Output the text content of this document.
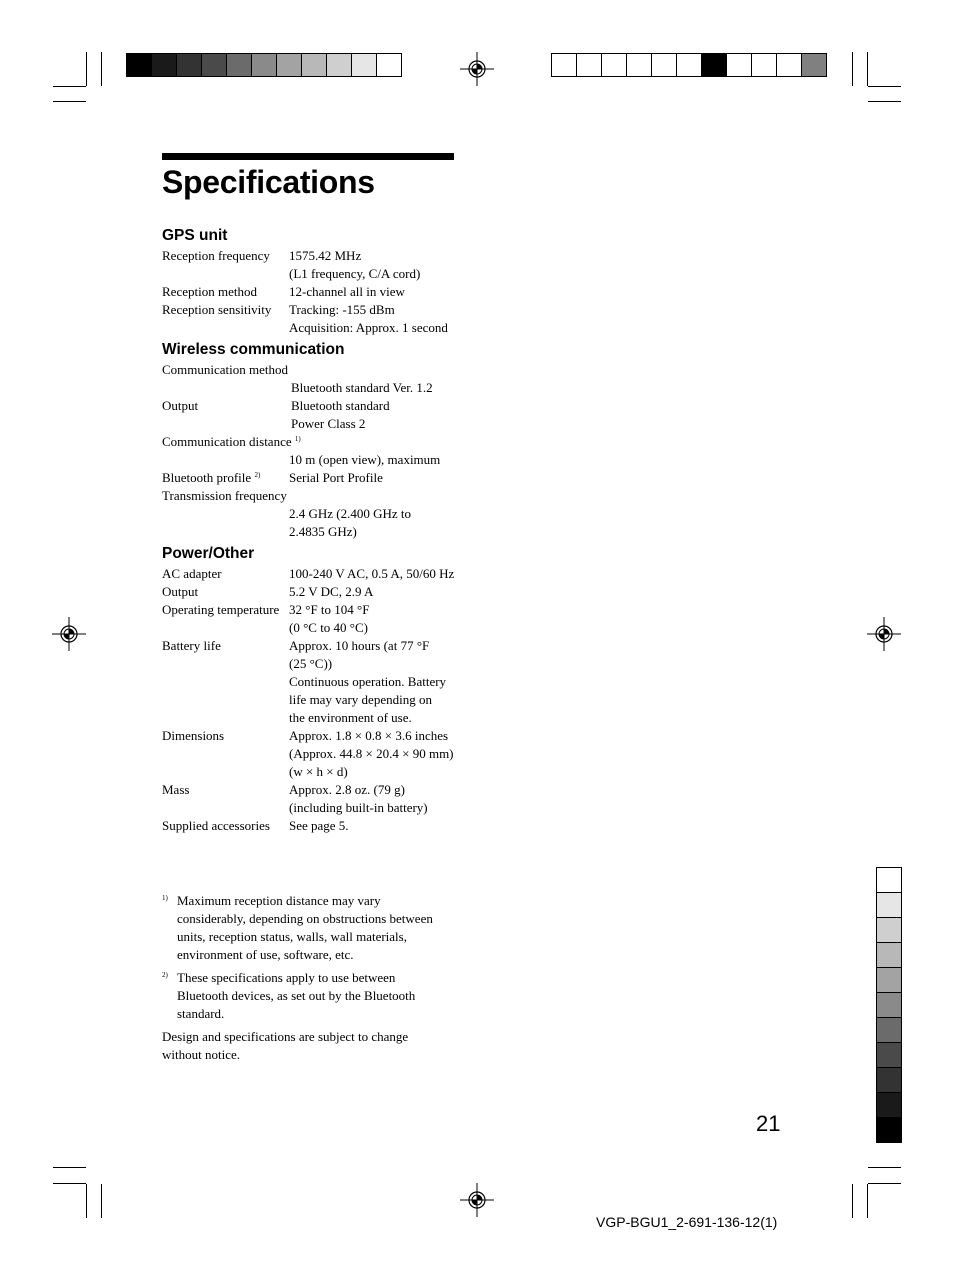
Specifications
GPS unit
Reception frequency	1575.42 MHz
(L1 frequency, C/A cord)
Reception method	12-channel all in view
Reception sensitivity	Tracking: -155 dBm
Acquisition: Approx. 1 second
Wireless communication
Communication method
Bluetooth standard Ver. 1.2
Output	Bluetooth standard
Power Class 2
Communication distance $^{1)}$
10 m (open view), maximum
Bluetooth profile $^{2)}$	Serial Port Profile
Transmission frequency
2.4 GHz (2.400 GHz to
2.4835 GHz)
Power/Other
AC adapter	100-240 V AC, 0.5 A, 50/60 Hz
Output	5.2 V DC, 2.9 A
Operating temperature 32 °F to 104 °F
(0 °C to 40 °C)
Battery life	Approx. 10 hours (at 77 °F
(25 °C))
Continuous operation. Battery
life may vary depending on
the environment of use.
Dimensions	Approx. 1.8 × 0.8 × 3.6 inches
(Approx. 44.8 × 20.4 × 90 mm)
(w × h × d)
Mass	Approx. 2.8 oz. (79 g)
(including built-in battery)
Supplied accessories	See page 5.
1) Maximum reception distance may vary
considerably, depending on obstructions between
units, reception status, walls, wall materials,
environment of use, software, etc.
2) These specifications apply to use between
Bluetooth devices, as set out by the Bluetooth
standard.
Design and specifications are subject to change
without notice.
21
VGP-BGU1_2-691-136-12(1)
